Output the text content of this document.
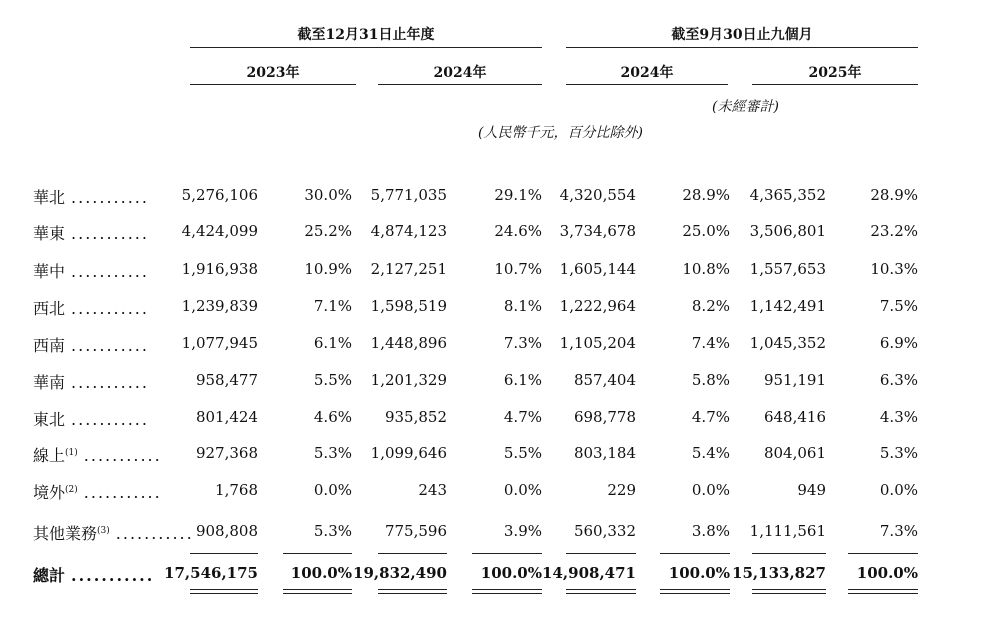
截至12月31日止年度	截至9月30日止九個月
2023年	2024年	2024年	2025年
(未經審計)
(人民幣千元，百分比除外)
華北 ...........	5,276,106	30.0%	5,771,035	29.1%	4,320,554	28.9%	4,365,352	28.9%
華東 ...........	4,424,099	25.2%	4,874,123	24.6%	3,734,678	25.0%	3,506,801	23.2%
華中 ...........	1,916,938	10.9%	2,127,251	10.7%	1,605,144	10.8%	1,557,653	10.3%
西北 ...........	1,239,839	7.1%	1,598,519	8.1%	1,222,964	8.2%	1,142,491	7.5%
西南 ...........	1,077,945	6.1%	1,448,896	7.3%	1,105,204	7.4%	1,045,352	6.9%
華南 ...........	958,477	5.5%	1,201,329	6.1%	857,404	5.8%	951,191	6.3%
東北 ...........	801,424	4.6%	935,852	4.7%	698,778	4.7%	648,416	4.3%
線上$^{(1)}$ ...........	927,368	5.3%	1,099,646	5.5%	803,184	5.4%	804,061	5.3%
境外$^{(2)}$ ...........	1,768	0.0%	243	0.0%	229	0.0%	949	0.0%
其他業務$^{(3)}$ ........... 908,808	5.3%	775,596	3.9%	560,332	3.8%	1,111,561	7.3%
總計 ........... 17,546,175	100.0% 19,832,490	100.0% 14,908,471	100.0% 15,133,827	100.0%
